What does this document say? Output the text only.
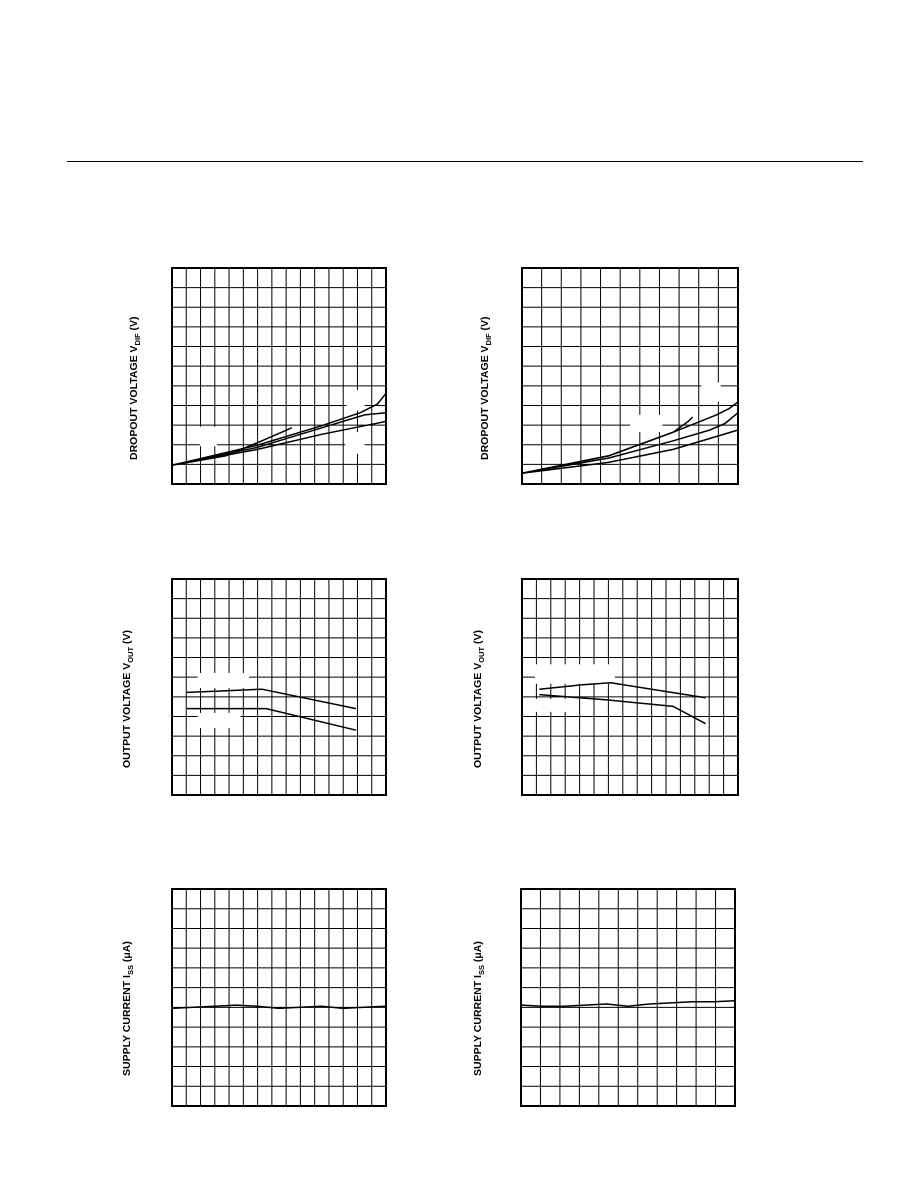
DROPOUT VOLTAGE $V_{DIF}$ (V)
DROPOUT VOLTAGE $V_{DIF}$ (V)
OUTPUT VOLTAGE $V_{OUT}$ (V)
OUTPUT VOLTAGE $V_{OUT}$ (V)
SUPPLY CURRENT $I_{SS}$ (μA)
SUPPLY CURRENT $I_{SS}$ (μA)
